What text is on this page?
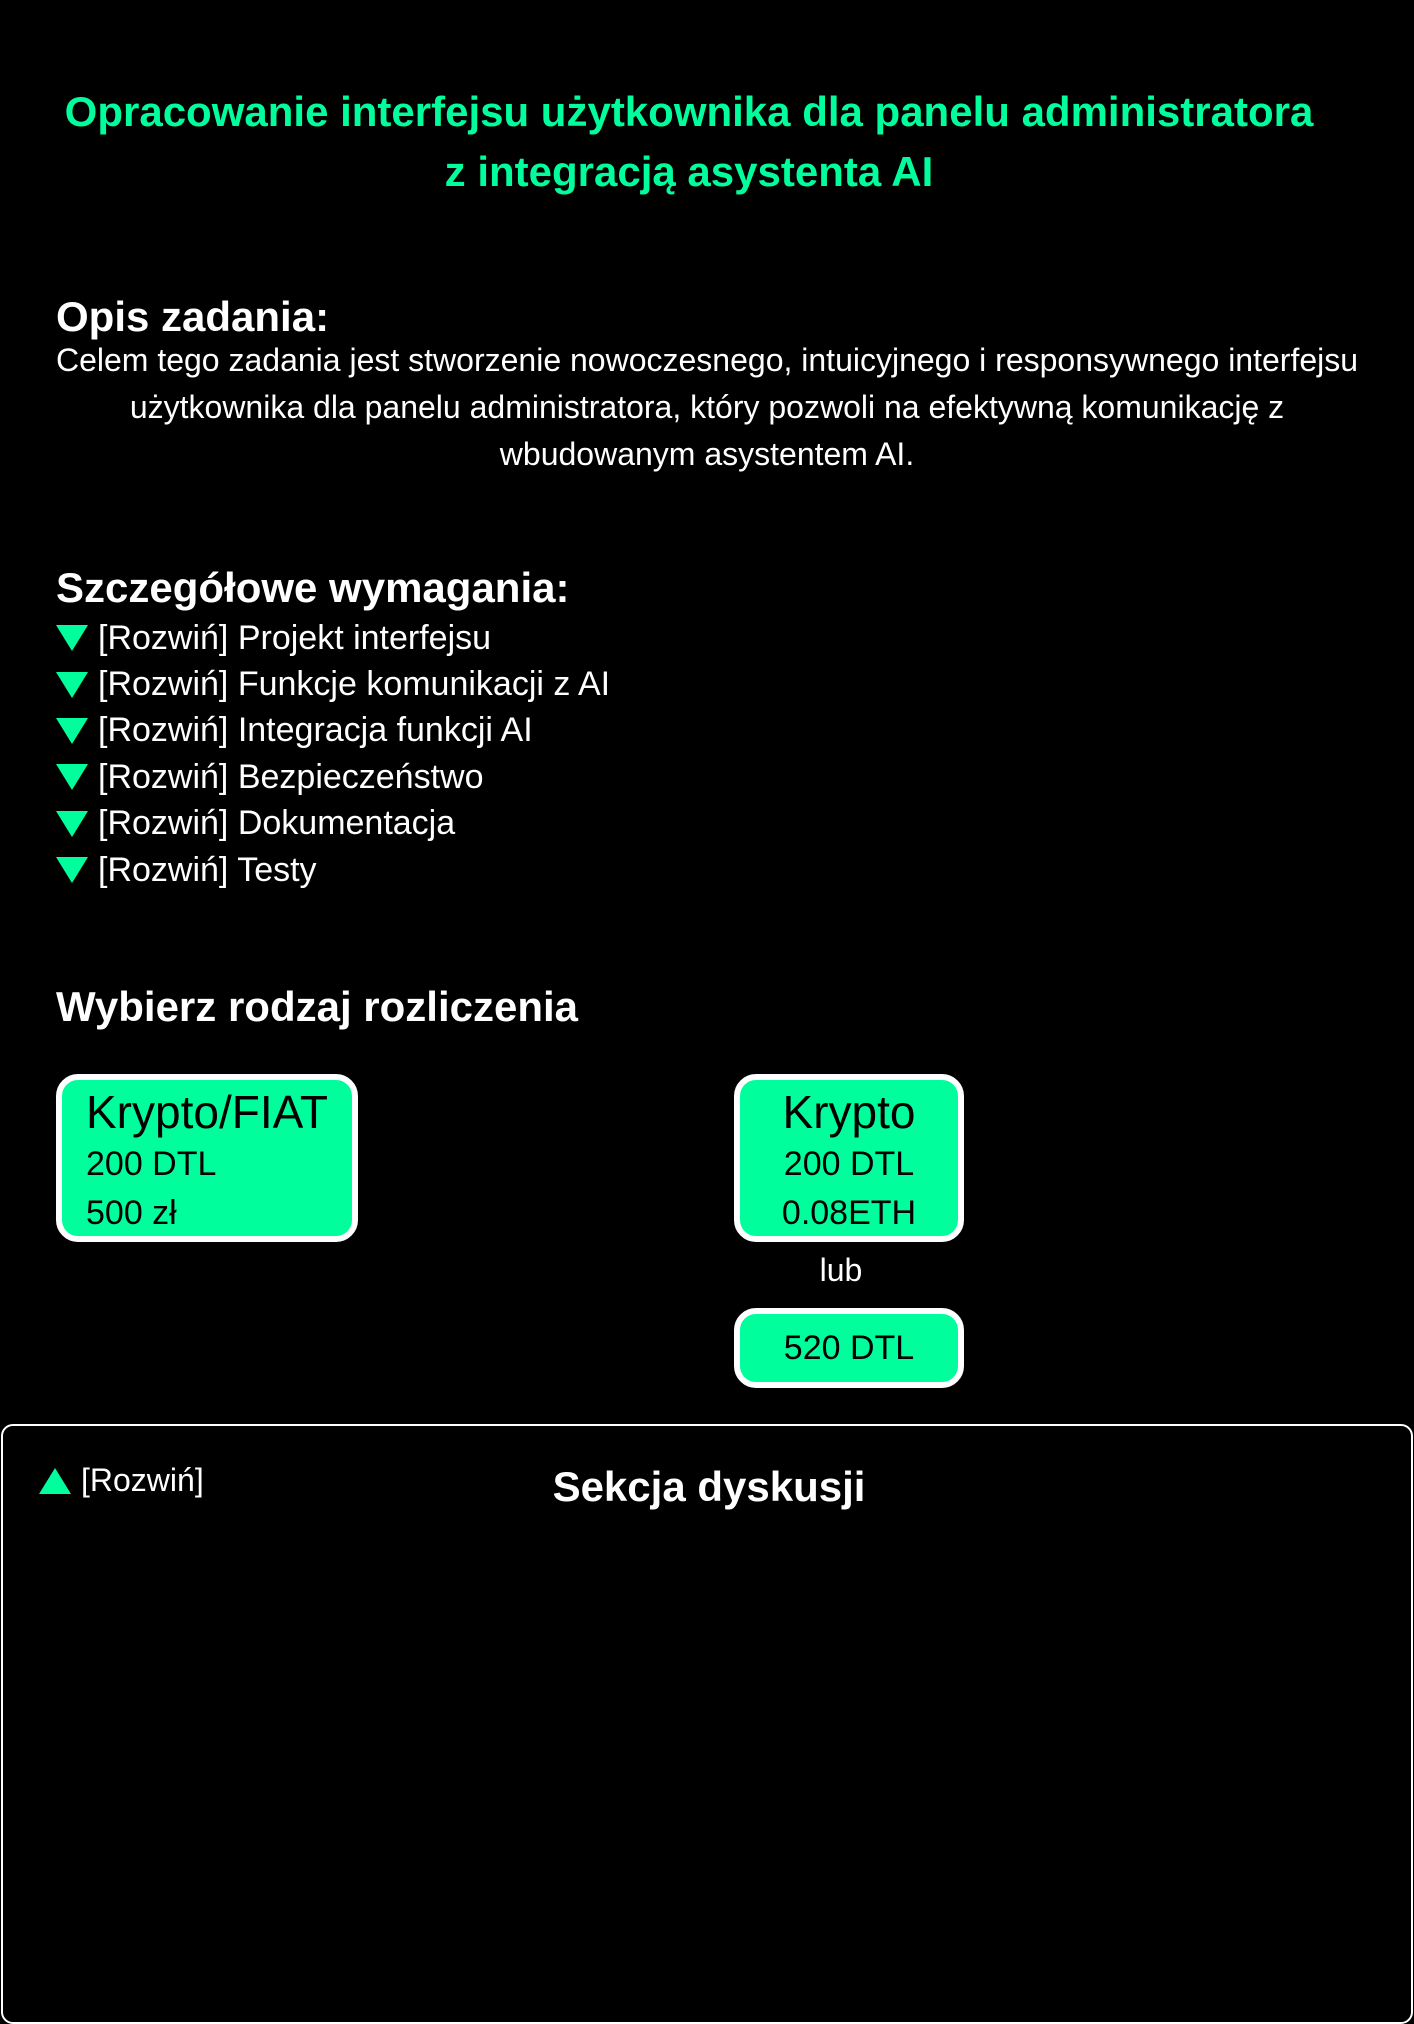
Opracowanie interfejsu użytkownika dla panelu administratora
z integracją asystenta AI
Opis zadania:

Celem tego zadania jest stworzenie nowoczesnego, intuicyjnego i responsywnego interfejsu użytkownika dla panelu administratora, który pozwoli na efektywną komunikację z wbudowanym asystentem AI.

Szczegółowe wymagania:
[Rozwiń] Projekt interfejsu
[Rozwiń] Funkcje komunikacji z AI
[Rozwiń] Integracja funkcji AI
[Rozwiń] Bezpieczeństwo
[Rozwiń] Dokumentacja
[Rozwiń] Testy
Wybierz rodzaj rozliczenia
Krypto/FIAT
200 DTL
500 zł
Krypto
200 DTL
0.08ETH
lub
520 DTL
[Rozwiń]	Sekcja dyskusji
